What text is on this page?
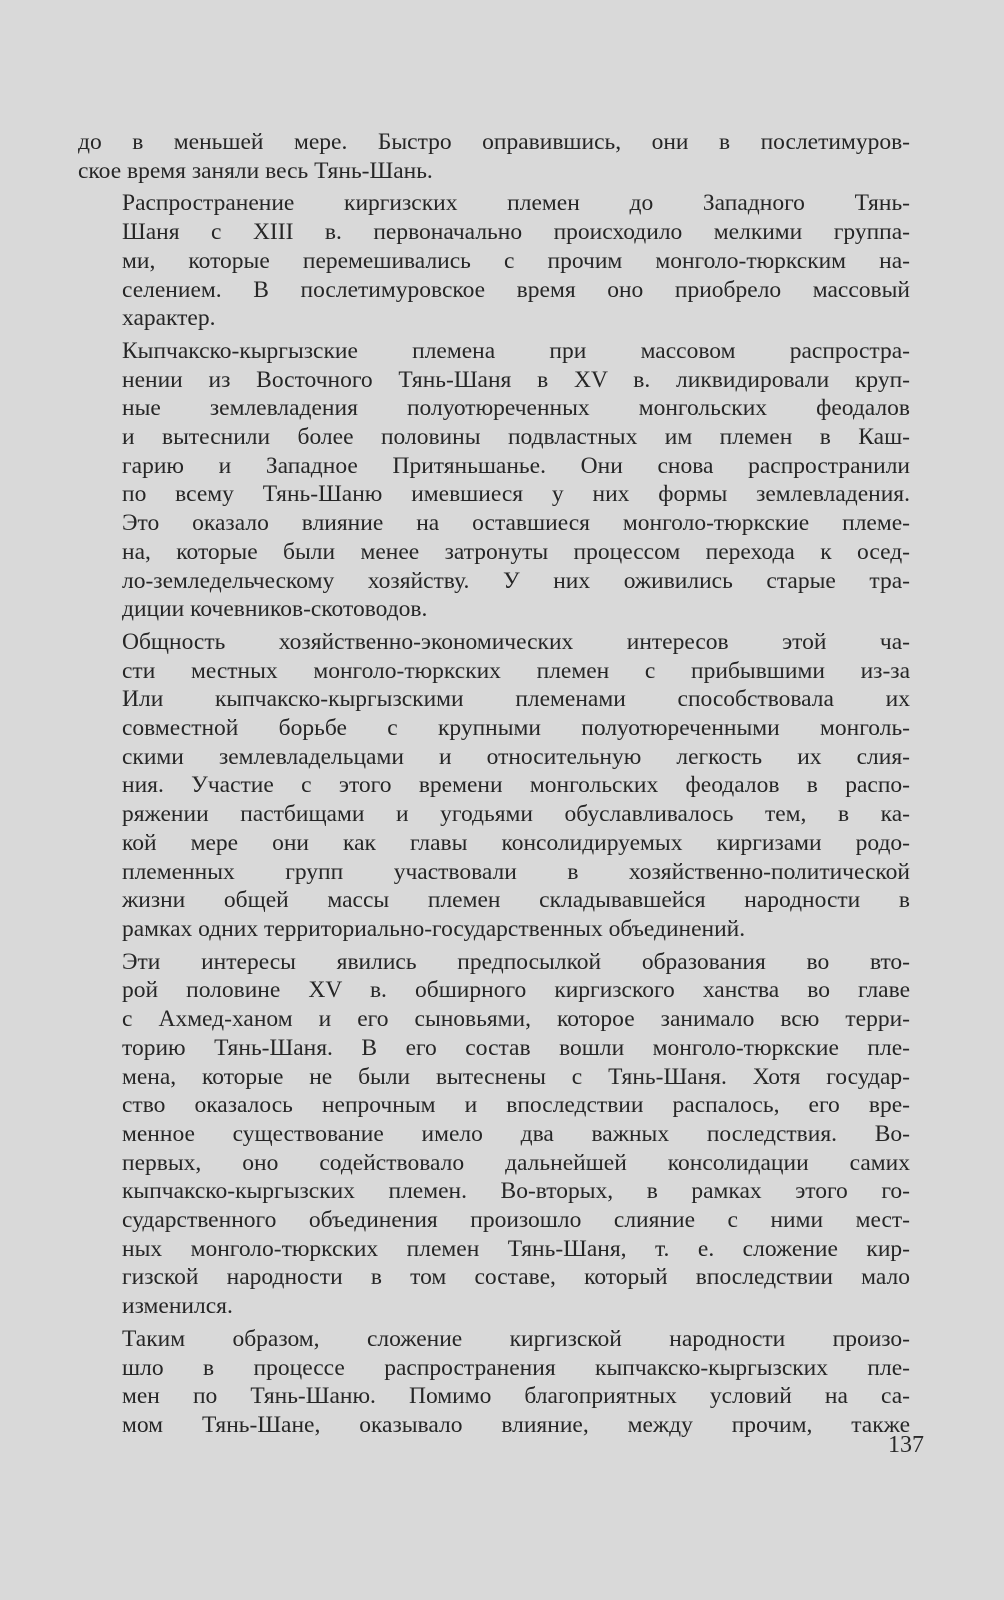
до в меньшей мере. Быстро оправившись, они в послетимуров-
ское время заняли весь Тянь-Шань.

Распространение киргизских племен до Западного Тянь-
Шаня с XIII в. первоначально происходило мелкими группа-
ми, которые перемешивались с прочим монголо-тюркским на-
селением. В послетимуровское время оно приобрело массовый
характер.

Кыпчакско-кыргызские племена при массовом распростра-
нении из Восточного Тянь-Шаня в XV в. ликвидировали круп-
ные землевладения полуотюреченных монгольских феодалов
и вытеснили более половины подвластных им племен в Каш-
гарию и Западное Притяньшанье. Они снова распространили
по всему Тянь-Шаню имевшиеся у них формы землевладения.
Это оказало влияние на оставшиеся монголо-тюркские племе-
на, которые были менее затронуты процессом перехода к осед-
ло-земледельческому хозяйству. У них оживились старые тра-
диции кочевников-скотоводов.

Общность хозяйственно-экономических интересов этой ча-
сти местных монголо-тюркских племен с прибывшими из-за
Или кыпчакско-кыргызскими племенами способствовала их
совместной борьбе с крупными полуотюреченными монголь-
скими землевладельцами и относительную легкость их слия-
ния. Участие с этого времени монгольских феодалов в распо-
ряжении пастбищами и угодьями обуславливалось тем, в ка-
кой мере они как главы консолидируемых киргизами родо-
племенных групп участвовали в хозяйственно-политической
жизни общей массы племен складывавшейся народности в
рамках одних территориально-государственных объединений.

Эти интересы явились предпосылкой образования во вто-
рой половине XV в. обширного киргизского ханства во главе
с Ахмед-ханом и его сыновьями, которое занимало всю терри-
торию Тянь-Шаня. В его состав вошли монголо-тюркские пле-
мена, которые не были вытеснены с Тянь-Шаня. Хотя государ-
ство оказалось непрочным и впоследствии распалось, его вре-
менное существование имело два важных последствия. Во-
первых, оно содействовало дальнейшей консолидации самих
кыпчакско-кыргызских племен. Во-вторых, в рамках этого го-
сударственного объединения произошло слияние с ними мест-
ных монголо-тюркских племен Тянь-Шаня, т. е. сложение кир-
гизской народности в том составе, который впоследствии мало
изменился.

Таким образом, сложение киргизской народности произо-
шло в процессе распространения кыпчакско-кыргызских пле-
мен по Тянь-Шаню. Помимо благоприятных условий на са-
мом Тянь-Шане, оказывало влияние, между прочим, также

137
